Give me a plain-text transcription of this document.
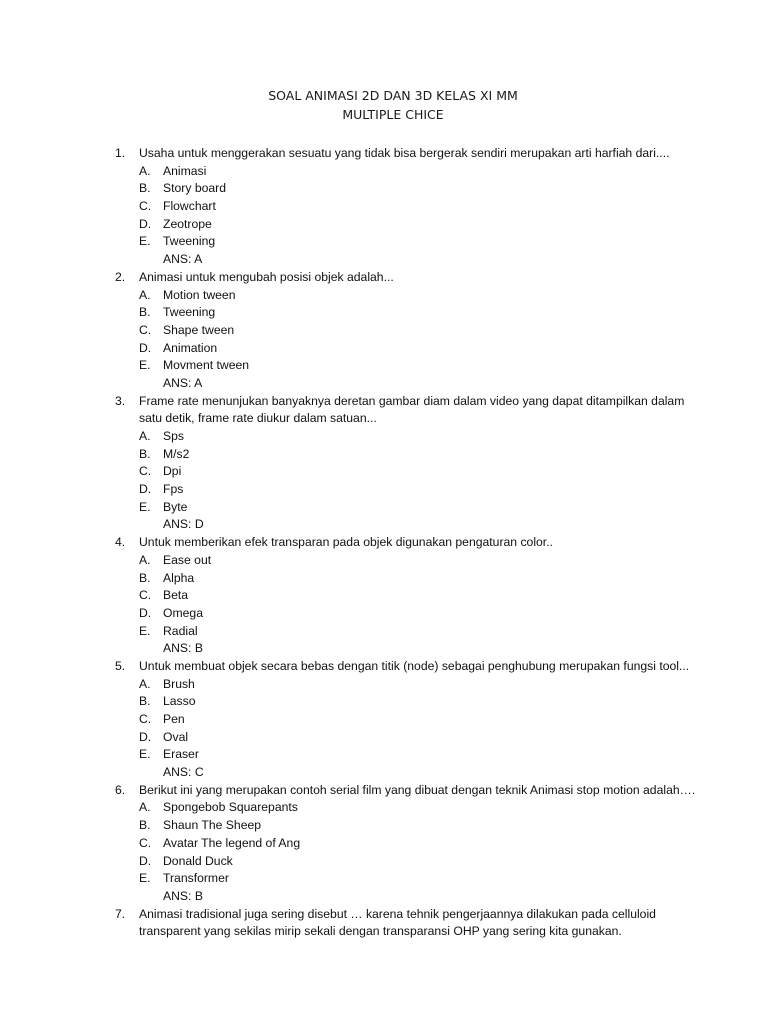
SOAL ANIMASI 2D DAN 3D KELAS XI MM
MULTIPLE CHICE
1. Usaha untuk menggerakan sesuatu yang tidak bisa bergerak sendiri merupakan arti harfiah dari....
A. Animasi
B. Story board
C. Flowchart
D. Zeotrope
E. Tweening
ANS: A
2. Animasi untuk mengubah posisi objek adalah...
A. Motion tween
B. Tweening
C. Shape tween
D. Animation
E. Movment tween
ANS: A
3. Frame rate menunjukan banyaknya deretan gambar diam dalam video yang dapat ditampilkan dalam
satu detik, frame rate diukur dalam satuan...
A. Sps
B. M/s2
C. Dpi
D. Fps
E. Byte
ANS: D
4. Untuk memberikan efek transparan pada objek digunakan pengaturan color..
A. Ease out
B. Alpha
C. Beta
D. Omega
E. Radial
ANS: B
5. Untuk membuat objek secara bebas dengan titik (node) sebagai penghubung merupakan fungsi tool...
A. Brush
B. Lasso
C. Pen
D. Oval
E. Eraser
ANS: C
6. Berikut ini yang merupakan contoh serial film yang dibuat dengan teknik Animasi stop motion adalah….
A. Spongebob Squarepants
B. Shaun The Sheep
C. Avatar The legend of Ang
D. Donald Duck
E. Transformer
ANS: B
7. Animasi tradisional juga sering disebut … karena tehnik pengerjaannya dilakukan pada celluloid
transparent yang sekilas mirip sekali dengan transparansi OHP yang sering kita gunakan.
